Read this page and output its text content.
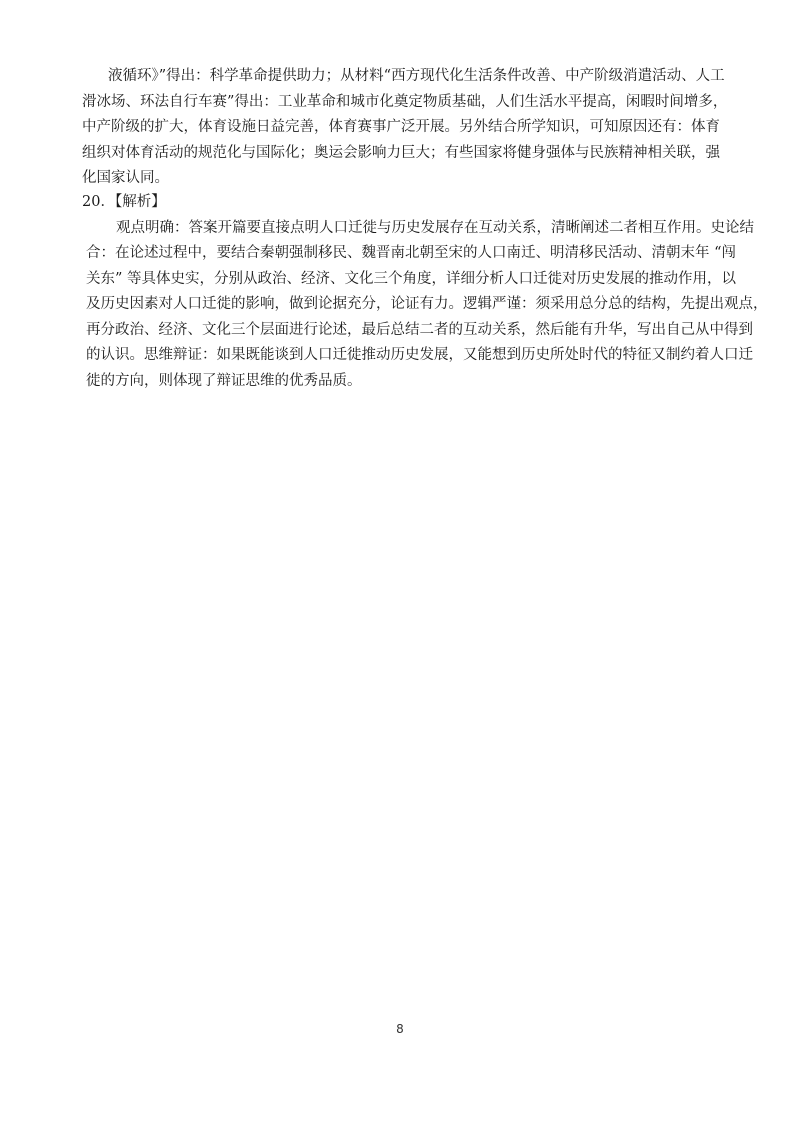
液循环》”得出：科学革命提供助力；从材料“西方现代化生活条件改善、中产阶级消遣活动、人工
滑冰场、环法自行车赛”得出：工业革命和城市化奠定物质基础，人们生活水平提高，闲暇时间增多，
中产阶级的扩大，体育设施日益完善，体育赛事广泛开展。另外结合所学知识，可知原因还有：体育
组织对体育活动的规范化与国际化；奥运会影响力巨大；有些国家将健身强体与民族精神相关联，强
化国家认同。
20．【解析】
观点明确：答案开篇要直接点明人口迁徙与历史发展存在互动关系，清晰阐述二者相互作用。史论结
合：在论述过程中，要结合秦朝强制移民、魏晋南北朝至宋的人口南迁、明清移民活动、清朝末年 “闯
关东” 等具体史实，分别从政治、经济、文化三个角度，详细分析人口迁徙对历史发展的推动作用，以
及历史因素对人口迁徙的影响，做到论据充分，论证有力。逻辑严谨：须采用总分总的结构，先提出观点，
再分政治、经济、文化三个层面进行论述，最后总结二者的互动关系，然后能有升华，写出自己从中得到
的认识。思维辩证：如果既能谈到人口迁徙推动历史发展，又能想到历史所处时代的特征又制约着人口迁
徙的方向，则体现了辩证思维的优秀品质。
8
